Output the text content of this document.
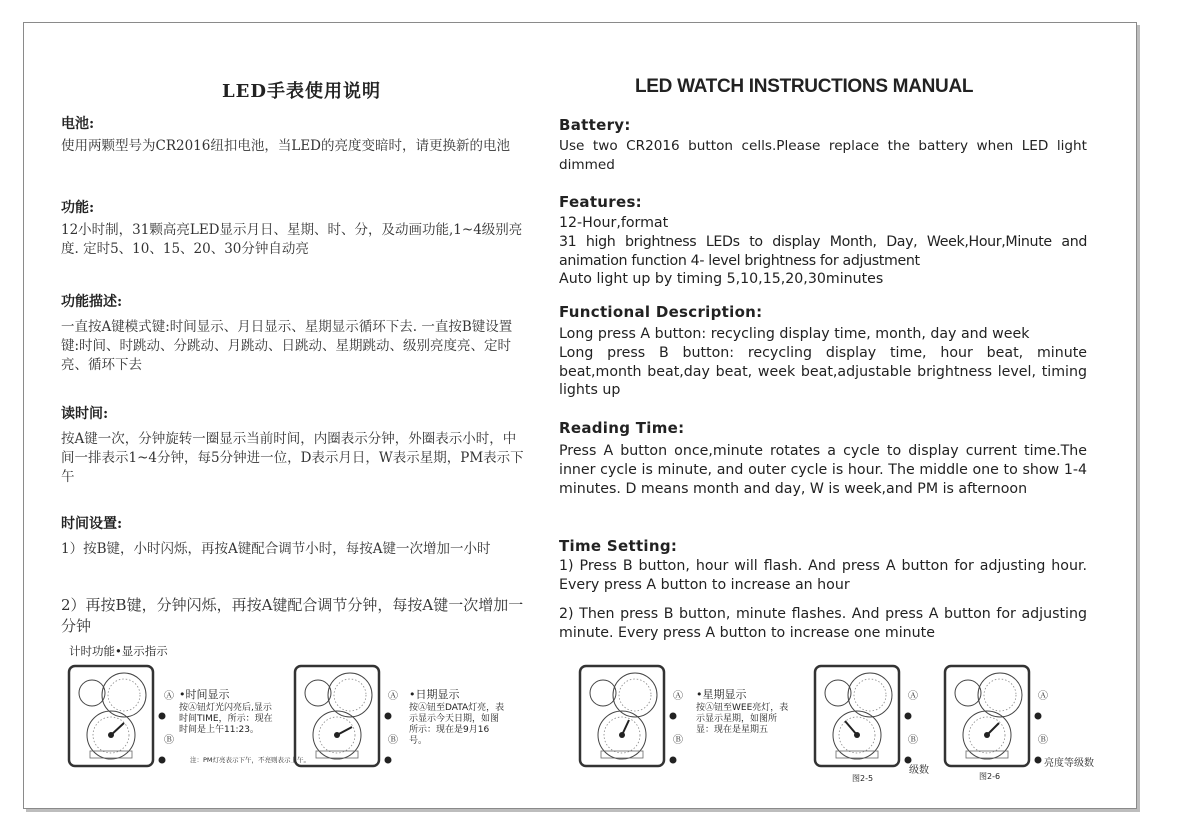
LED手表使用说明
电池:
使用两颗型号为CR2016纽扣电池，当LED的亮度变暗时，请更换新的电池
功能:
12小时制，31颗高亮LED显示月日、星期、时、分，及动画功能,1~4级别亮度. 定时5、10、15、20、30分钟自动亮
功能描述:
一直按A键模式键:时间显示、月日显示、星期显示循环下去. 一直按B键设置键:时间、时跳动、分跳动、月跳动、日跳动、星期跳动、级别亮度亮、定时亮、循环下去
读时间:
按A键一次，分钟旋转一圈显示当前时间，内圈表示分钟，外圈表示小时，中间一排表示1~4分钟，每5分钟进一位，D表示月日，W表示星期，PM表示下午
时间设置:
1）按B键，小时闪烁，再按A键配合调节小时，每按A键一次增加一小时
2）再按B键，分钟闪烁，再按A键配合调节分钟，每按A键一次增加一分钟
计时功能•显示指示
LED WATCH INSTRUCTIONS MANUAL
Battery:
Use two CR2016 button cells.Please replace the battery when LED light dimmed
Features:
12-Hour,format
31 high brightness LEDs to display Month, Day, Week,Hour,Minute and animation function 4- level brightness for adjustment
Auto light up by timing 5,10,15,20,30minutes
Functional Description:
Long press A button: recycling display time, month, day and week
Long press B button: recycling display time, hour beat, minute beat,month beat,day beat, week beat,adjustable brightness level, timing lights up
Reading Time:
Press A button once,minute rotates a cycle to display current time.The inner cycle is minute, and outer cycle is hour. The middle one to show 1-4 minutes. D means month and day, W is week,and PM is afternoon
Time Setting:
1) Press B button, hour will flash. And press A button for adjusting hour. Every press A button to increase an hour
2) Then press B button, minute flashes. And press A button for adjusting minute. Every press A button to increase one minute
Ⓐ
Ⓑ
•时间显示
按Ⓐ钮灯光闪亮后,显示时间TIME，所示：现在时间是上午11:23。
Ⓐ
Ⓑ
•日期显示
按Ⓐ钮至DATA灯亮，表示显示今天日期，如图所示：现在是9月16号。
注：PM灯亮表示下午，不亮则表示上午。
Ⓐ
Ⓑ
•星期显示
按Ⓐ钮至WEE亮灯，表示显示星期，如图所显：现在是星期五
Ⓐ
Ⓑ
级数
图2-5
Ⓐ
Ⓑ
亮度等级数
图2-6
